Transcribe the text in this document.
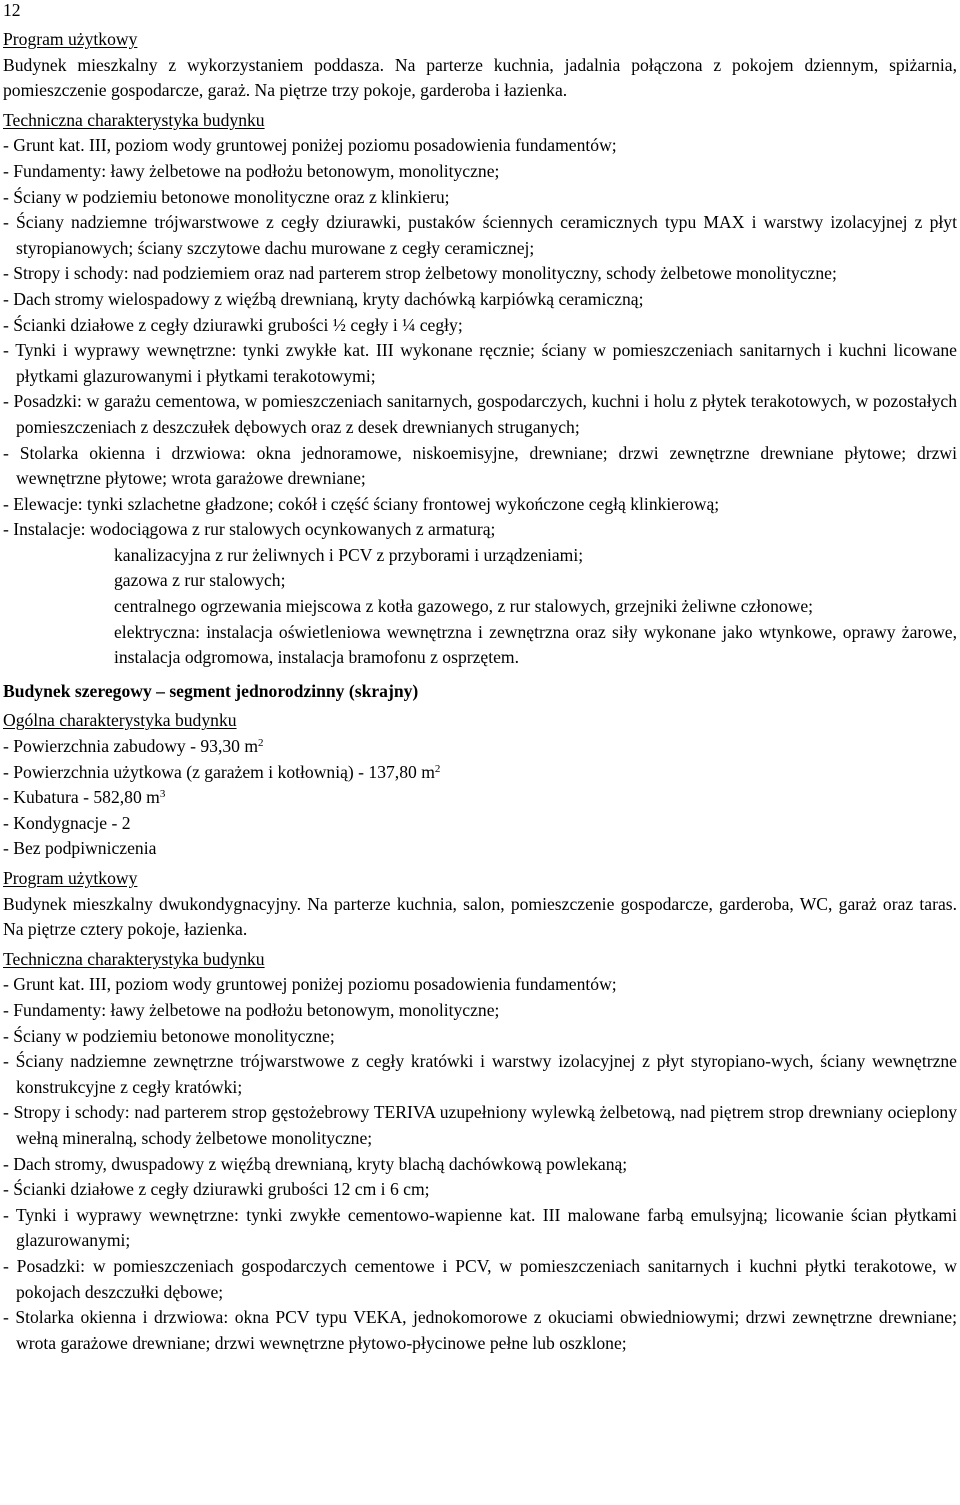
12
Program użytkowy
Budynek mieszkalny z wykorzystaniem poddasza. Na parterze kuchnia, jadalnia połączona z pokojem dziennym, spiżarnia, pomieszczenie gospodarcze, garaż. Na piętrze trzy pokoje, garderoba i łazienka.
Techniczna charakterystyka budynku
- Grunt kat. III, poziom wody gruntowej poniżej poziomu posadowienia fundamentów;
- Fundamenty: ławy żelbetowe na podłożu betonowym, monolityczne;
- Ściany w podziemiu betonowe monolityczne oraz z klinkieru;
- Ściany nadziemne trójwarstwowe z cegły dziurawki, pustaków ściennych ceramicznych typu MAX i warstwy izolacyjnej z płyt styropianowych; ściany szczytowe dachu murowane z cegły ceramicznej;
- Stropy i schody: nad podziemiem oraz nad parterem strop żelbetowy monolityczny, schody żelbetowe monolityczne;
- Dach stromy wielospadowy z więźbą drewnianą, kryty dachówką karpiówką ceramiczną;
- Ścianki działowe z cegły dziurawki grubości ½ cegły i ¼ cegły;
- Tynki i wyprawy wewnętrzne: tynki zwykłe kat. III wykonane ręcznie; ściany w pomieszczeniach sanitarnych i kuchni licowane płytkami glazurowanymi i płytkami terakotowymi;
- Posadzki: w garażu cementowa, w pomieszczeniach sanitarnych, gospodarczych, kuchni i holu z płytek terakotowych, w pozostałych pomieszczeniach z deszczułek dębowych oraz z desek drewnianych struganych;
- Stolarka okienna i drzwiowa: okna jednoramowe, niskoemisyjne, drewniane; drzwi zewnętrzne drewniane płytowe; drzwi wewnętrzne płytowe; wrota garażowe drewniane;
- Elewacje: tynki szlachetne gładzone; cokół i część ściany frontowej wykończone cegłą klinkierową;
- Instalacje: wodociągowa z rur stalowych ocynkowanych z armaturą;
kanalizacyjna z rur żeliwnych i PCV z przyborami i urządzeniami;
gazowa z rur stalowych;
centralnego ogrzewania miejscowa z kotła gazowego, z rur stalowych, grzejniki żeliwne członowe;
elektryczna: instalacja oświetleniowa wewnętrzna i zewnętrzna oraz siły wykonane jako wtynkowe, oprawy żarowe, instalacja odgromowa, instalacja bramofonu z osprzętem.
Budynek szeregowy ‒ segment jednorodzinny (skrajny)
Ogólna charakterystyka budynku
- Powierzchnia zabudowy - 93,30 $m^2$
- Powierzchnia użytkowa (z garażem i kotłownią) - 137,80 $m^2$
- Kubatura - 582,80 $m^3$
- Kondygnacje - 2
- Bez podpiwniczenia
Program użytkowy
Budynek mieszkalny dwukondygnacyjny. Na parterze kuchnia, salon, pomieszczenie gospodarcze, garderoba, WC, garaż oraz taras. Na piętrze cztery pokoje, łazienka.
Techniczna charakterystyka budynku
- Grunt kat. III, poziom wody gruntowej poniżej poziomu posadowienia fundamentów;
- Fundamenty: ławy żelbetowe na podłożu betonowym, monolityczne;
- Ściany w podziemiu betonowe monolityczne;
- Ściany nadziemne zewnętrzne trójwarstwowe z cegły kratówki i warstwy izolacyjnej z płyt styropiano-wych, ściany wewnętrzne konstrukcyjne z cegły kratówki;
- Stropy i schody: nad parterem strop gęstożebrowy TERIVA uzupełniony wylewką żelbetową, nad piętrem strop drewniany ocieplony wełną mineralną, schody żelbetowe monolityczne;
- Dach stromy, dwuspadowy z więźbą drewnianą, kryty blachą dachówkową powlekaną;
- Ścianki działowe z cegły dziurawki grubości 12 cm i 6 cm;
- Tynki i wyprawy wewnętrzne: tynki zwykłe cementowo-wapienne kat. III malowane farbą emulsyjną; licowanie ścian płytkami glazurowanymi;
- Posadzki: w pomieszczeniach gospodarczych cementowe i PCV, w pomieszczeniach sanitarnych i kuchni płytki terakotowe, w pokojach deszczułki dębowe;
- Stolarka okienna i drzwiowa: okna PCV typu VEKA, jednokomorowe z okuciami obwiedniowymi; drzwi zewnętrzne drewniane; wrota garażowe drewniane; drzwi wewnętrzne płytowo-płycinowe pełne lub oszklone;
